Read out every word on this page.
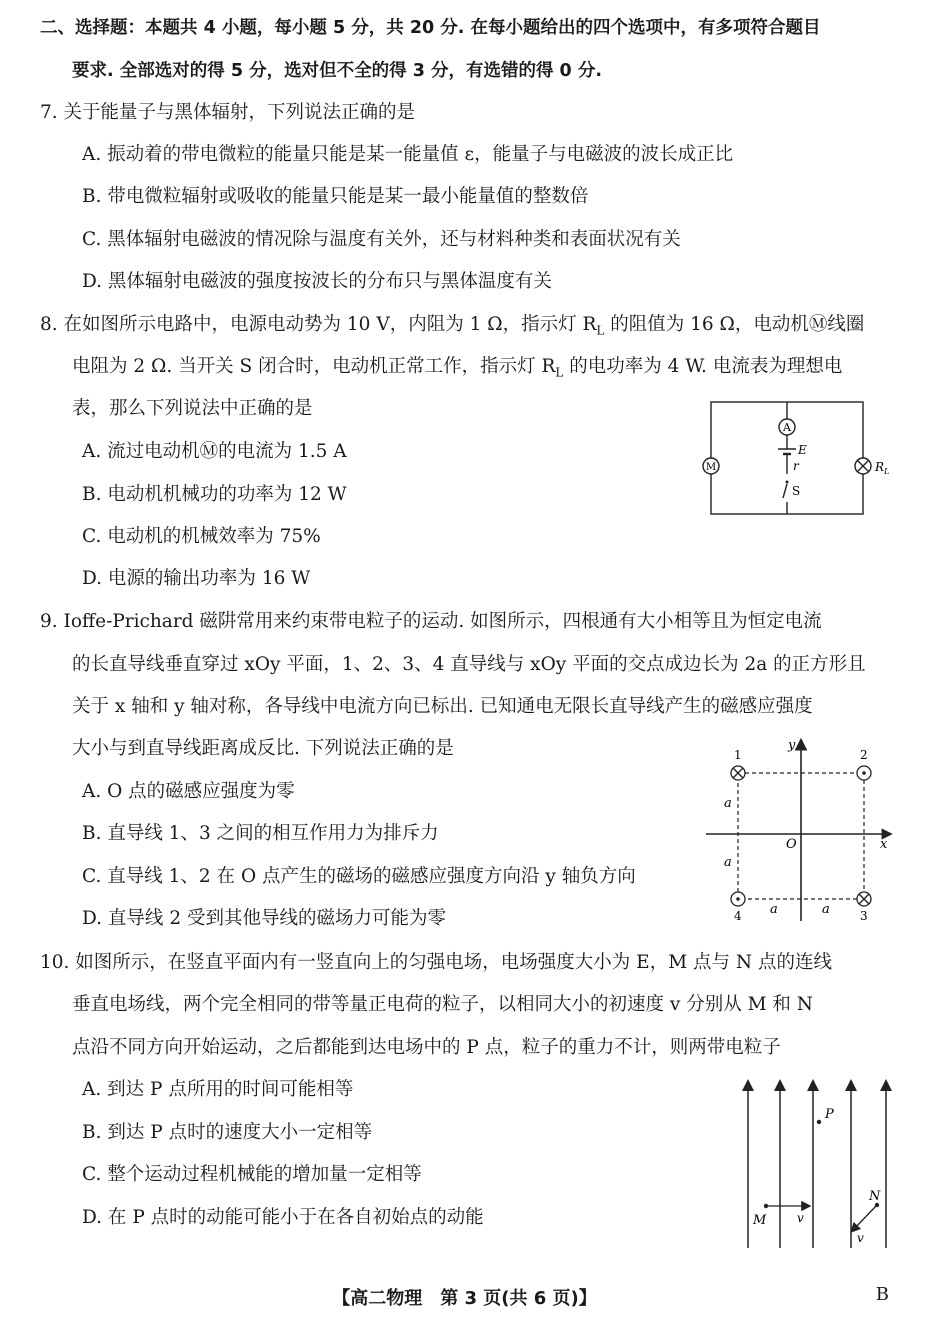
二、选择题：本题共 4 小题，每小题 5 分，共 20 分. 在每小题给出的四个选项中，有多项符合题目
要求. 全部选对的得 5 分，选对但不全的得 3 分，有选错的得 0 分.
7. 关于能量子与黑体辐射，下列说法正确的是
A. 振动着的带电微粒的能量只能是某一能量值 ε，能量子与电磁波的波长成正比
B. 带电微粒辐射或吸收的能量只能是某一最小能量值的整数倍
C. 黑体辐射电磁波的情况除与温度有关外，还与材料种类和表面状况有关
D. 黑体辐射电磁波的强度按波长的分布只与黑体温度有关
8. 在如图所示电路中，电源电动势为 10 V，内阻为 1 Ω，指示灯 $R_L$ 的阻值为 16 Ω，电动机Ⓜ线圈
电阻为 2 Ω. 当开关 S 闭合时，电动机正常工作，指示灯 $R_L$ 的电功率为 4 W. 电流表为理想电
表，那么下列说法中正确的是
A. 流过电动机Ⓜ的电流为 1.5 A
B. 电动机机械功的功率为 12 W
C. 电动机的机械效率为 75%
D. 电源的输出功率为 16 W
A
E
r
S
M	$R_L$
9. Ioffe-Prichard 磁阱常用来约束带电粒子的运动. 如图所示，四根通有大小相等且为恒定电流
的长直导线垂直穿过 xOy 平面，1、2、3、4 直导线与 xOy 平面的交点成边长为 2a 的正方形且
关于 x 轴和 y 轴对称，各导线中电流方向已标出. 已知通电无限长直导线产生的磁感应强度
大小与到直导线距离成反比. 下列说法正确的是
A. O 点的磁感应强度为零
B. 直导线 1、3 之间的相互作用力为排斥力
C. 直导线 1、2 在 O 点产生的磁场的磁感应强度方向沿 y 轴负方向
D. 直导线 2 受到其他导线的磁场力可能为零
x
y
O
1	2
3
4
a
a
a	a
10. 如图所示，在竖直平面内有一竖直向上的匀强电场，电场强度大小为 E，M 点与 N 点的连线
垂直电场线，两个完全相同的带等量正电荷的粒子，以相同大小的初速度 v 分别从 M 和 N
点沿不同方向开始运动，之后都能到达电场中的 P 点，粒子的重力不计，则两带电粒子
A. 到达 P 点所用的时间可能相等
B. 到达 P 点时的速度大小一定相等
C. 整个运动过程机械能的增加量一定相等
D. 在 P 点时的动能可能小于在各自初始点的动能
P
M	v
N
v
【高二物理　第 3 页(共 6 页)】	B
